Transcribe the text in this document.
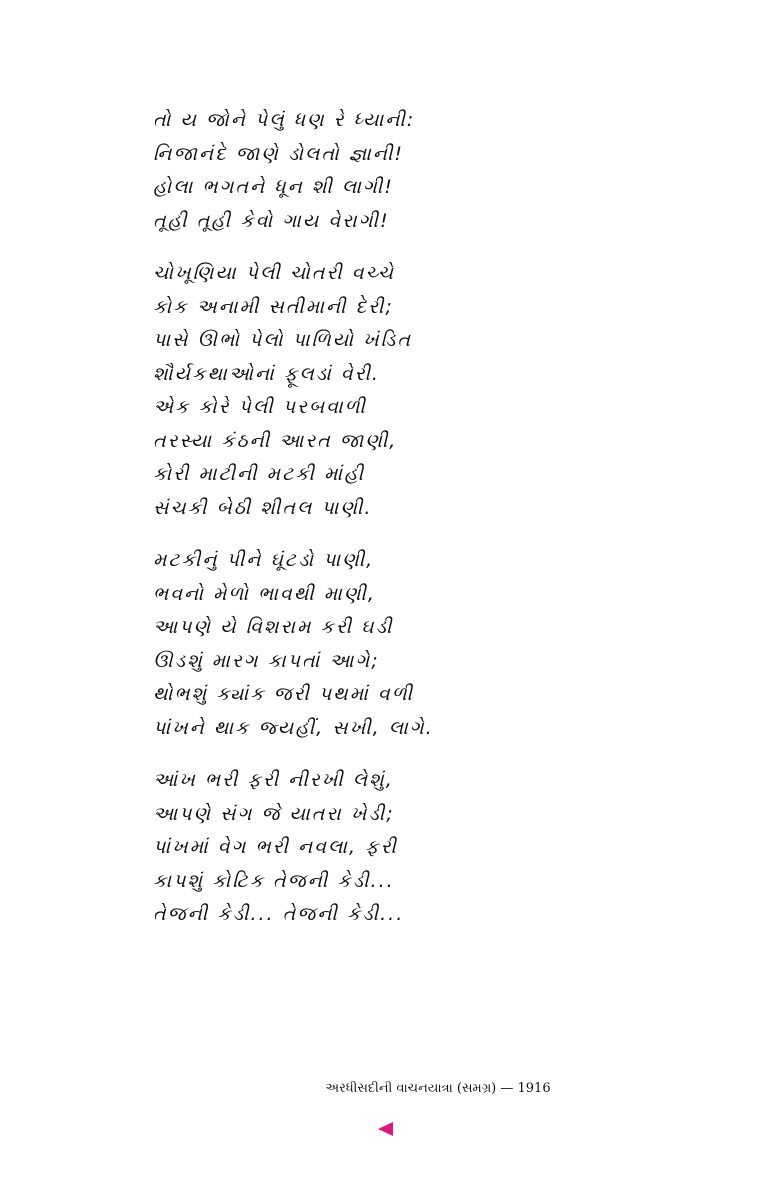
તો ય જોને પેલું ધણ રે ધ્યાની:
નિજાનંદે જાણે ડોલતો જ્ઞાની!
હોલા ભગતને ધૂન શી લાગી!
તૂહી તૂહી કેવો ગાય વેરાગી!
ચોખૂણિયા પેલી ચોતરી વચ્ચે
કોક અનામી સતીમાની દેરી;
પાસે ઊભો પેલો પાળિયો ખંડિત
શૌર્યકથાઓનાં ફૂલડાં વેરી.
એક કોરે પેલી પરબવાળી
તરસ્યા કંઠની આરત જાણી,
કોરી માટીની મટકી માંહી
સંચકી બેઠી શીતલ પાણી.
મટકીનું પીને ઘૂંટડો પાણી,
ભવનો મેળો ભાવથી માણી,
આપણે યે વિશરામ કરી ઘડી
ઊડશું મારગ કાપતાં આગે;
થોભશું ક્યાંક જરી પથમાં વળી
પાંખને થાક જ્યહીં, સખી, લાગે.
આંખ ભરી ફરી નીરખી લેશું,
આપણે સંગ જે યાતરા ખેડી;
પાંખમાં વેગ ભરી નવલા, ફરી
કાપશું કોટિક તેજની કેડી...
તેજની કેડી... તેજની કેડી...
અરધીસદીની વાચનયાત્રા (સમગ્ર) — 1916
